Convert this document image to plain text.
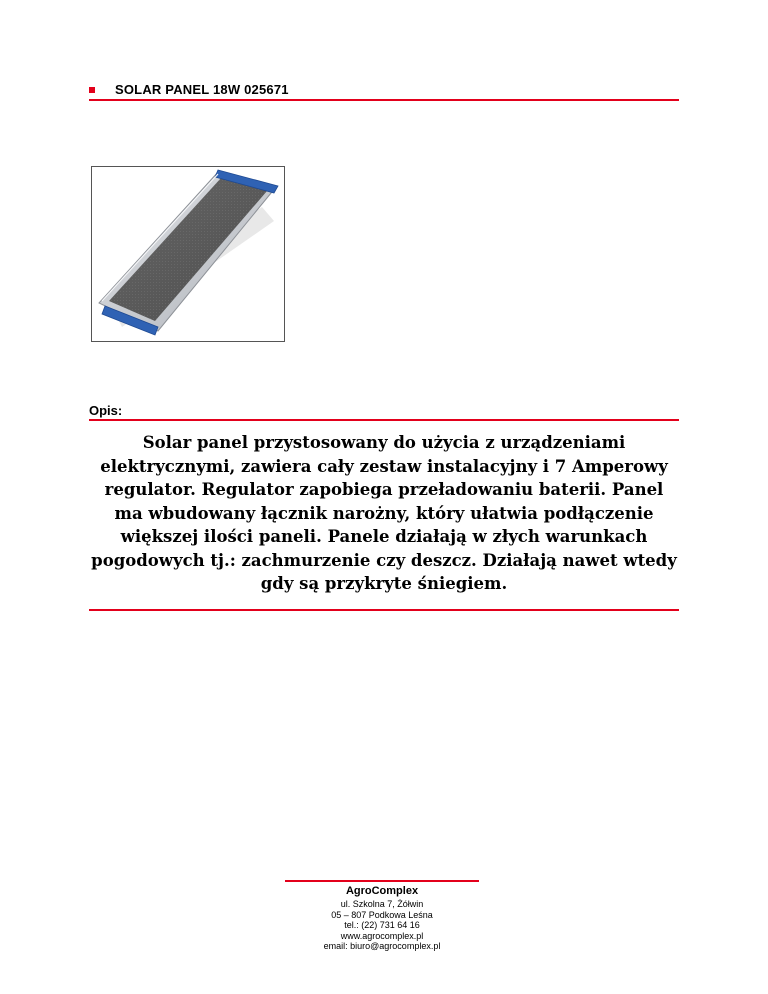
SOLAR PANEL 18W 025671
Opis:
Solar panel przystosowany do użycia z urządzeniami elektrycznymi, zawiera cały zestaw instalacyjny i 7 Amperowy regulator. Regulator zapobiega przeładowaniu baterii. Panel ma wbudowany łącznik narożny, który ułatwia podłączenie większej ilości paneli. Panele działają w złych warunkach pogodowych tj.: zachmurzenie czy deszcz. Działają nawet wtedy gdy są przykryte śniegiem.
AgroComplex
ul. Szkolna 7, Żółwin
05 – 807 Podkowa Leśna
tel.: (22) 731 64 16
www.agrocomplex.pl
email: biuro@agrocomplex.pl
